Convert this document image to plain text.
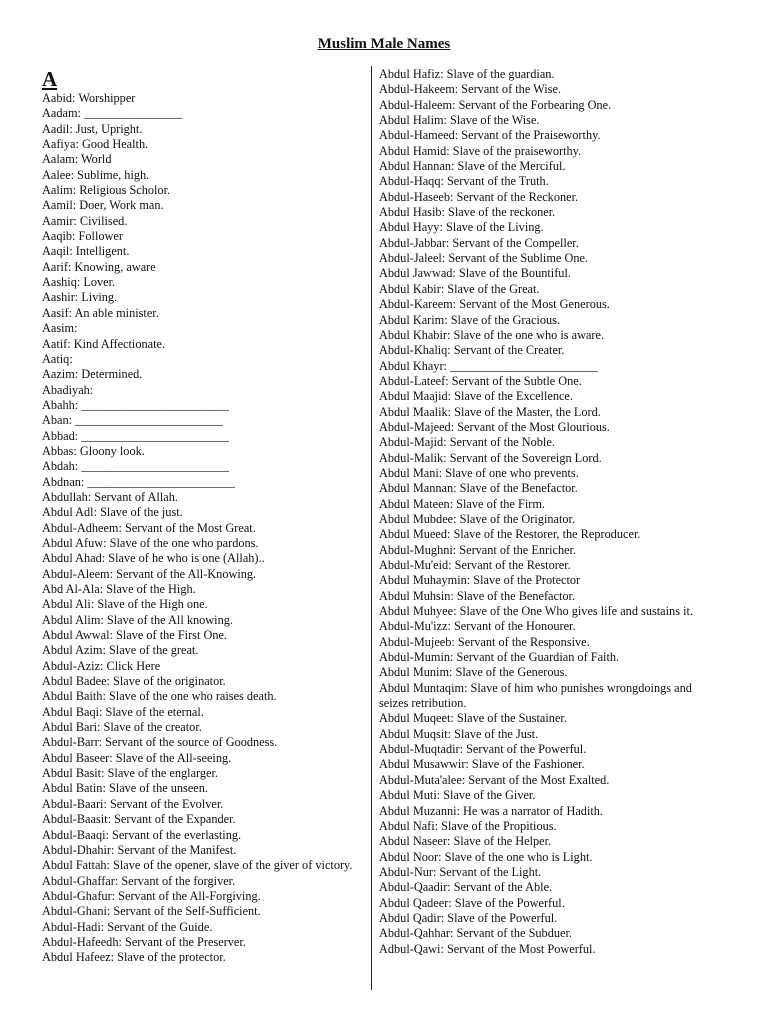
Muslim Male Names
A
Aabid: Worshipper
Aadam: ________________
Aadil: Just, Upright.
Aafiya: Good Health.
Aalam: World
Aalee: Sublime, high.
Aalim: Religious Scholor.
Aamil: Doer, Work man.
Aamir: Civilised.
Aaqib: Follower
Aaqil: Intelligent.
Aarif: Knowing, aware
Aashiq: Lover.
Aashir: Living.
Aasif: An able minister.
Aasim:
Aatif: Kind Affectionate.
Aatiq:
Aazim: Determined.
Abadiyah:
Abahh: ________________________
Aban: ________________________
Abbad: ________________________
Abbas: Gloony look.
Abdah: ________________________
Abdnan: ________________________
Abdullah: Servant of Allah.
Abdul Adl: Slave of the just.
Abdul-Adheem: Servant of the Most Great.
Abdul Afuw: Slave of the one who pardons.
Abdul Ahad: Slave of he who is one (Allah)..
Abdul-Aleem: Servant of the All-Knowing.
Abd Al-Ala: Slave of the High.
Abdul Ali: Slave of the High one.
Abdul Alim: Slave of the All knowing.
Abdul Awwal: Slave of the First One.
Abdul Azim: Slave of the great.
Abdul-Aziz: Click Here
Abdul Badee: Slave of the originator.
Abdul Baith: Slave of the one who raises death.
Abdul Baqi: Slave of the eternal.
Abdul Bari: Slave of the creator.
Abdul-Barr: Servant of the source of Goodness.
Abdul Baseer: Slave of the All-seeing.
Abdul Basit: Slave of the englarger.
Abdul Batin: Slave of the unseen.
Abdul-Baari: Servant of the Evolver.
Abdul-Baasit: Servant of the Expander.
Abdul-Baaqi: Servant of the everlasting.
Abdul-Dhahir: Servant of the Manifest.
Abdul Fattah: Slave of the opener, slave of the giver of victory.
Abdul-Ghaffar: Servant of the forgiver.
Abdul-Ghafur: Servant of the All-Forgiving.
Abdul-Ghani: Servant of the Self-Sufficient.
Abdul-Hadi: Servant of the Guide.
Abdul-Hafeedh: Servant of the Preserver.
Abdul Hafeez: Slave of the protector.
Abdul Hafiz: Slave of the guardian.
Abdul-Hakeem: Servant of the Wise.
Abdul-Haleem: Servant of the Forbearing One.
Abdul Halim: Slave of the Wise.
Abdul-Hameed: Servant of the Praiseworthy.
Abdul Hamid: Slave of the praiseworthy.
Abdul Hannan: Slave of the Merciful.
Abdul-Haqq: Servant of the Truth.
Abdul-Haseeb: Servant of the Reckoner.
Abdul Hasib: Slave of the reckoner.
Abdul Hayy: Slave of the Living.
Abdul-Jabbar: Servant of the Compeller.
Abdul-Jaleel: Servant of the Sublime One.
Abdul Jawwad: Slave of the Bountiful.
Abdul Kabir: Slave of the Great.
Abdul-Kareem: Servant of the Most Generous.
Abdul Karim: Slave of the Gracious.
Abdul Khabir: Slave of the one who is aware.
Abdul-Khaliq: Servant of the Creater.
Abdul Khayr: ________________________
Abdul-Lateef: Servant of the Subtle One.
Abdul Maajid: Slave of the Excellence.
Abdul Maalik: Slave of the Master, the Lord.
Abdul-Majeed: Servant of the Most Glourious.
Abdul-Majid: Servant of the Noble.
Abdul-Malik: Servant of the Sovereign Lord.
Abdul Mani: Slave of one who prevents.
Abdul Mannan: Slave of the Benefactor.
Abdul Mateen: Slave of the Firm.
Abdul Mubdee: Slave of the Originator.
Abdul Mueed: Slave of the Restorer, the Reproducer.
Abdul-Mughni: Servant of the Enricher.
Abdul-Mu'eid: Servant of the Restorer.
Abdul Muhaymin: Slave of the Protector
Abdul Muhsin: Slave of the Benefactor.
Abdul Muhyee: Slave of the One Who gives life and sustains it.
Abdul-Mu'izz: Servant of the Honourer.
Abdul-Mujeeb: Servant of the Responsive.
Abdul-Mumin: Servant of the Guardian of Faith.
Abdul Munim: Slave of the Generous.
Abdul Muntaqim: Slave of him who punishes wrongdoings and seizes retribution.
Abdul Muqeet: Slave of the Sustainer.
Abdul Muqsit: Slave of the Just.
Abdul-Muqtadir: Servant of the Powerful.
Abdul Musawwir: Slave of the Fashioner.
Abdul-Muta'alee: Servant of the Most Exalted.
Abdul Muti: Slave of the Giver.
Abdul Muzanni: He was a narrator of Hadith.
Abdul Nafi: Slave of the Propitious.
Abdul Naseer: Slave of the Helper.
Abdul Noor: Slave of the one who is Light.
Abdul-Nur: Servant of the Light.
Abdul-Qaadir: Servant of the Able.
Abdul Qadeer: Slave of the Powerful.
Abdul Qadir: Slave of the Powerful.
Abdul-Qahhar: Servant of the Subduer.
Adbul-Qawi: Servant of the Most Powerful.
